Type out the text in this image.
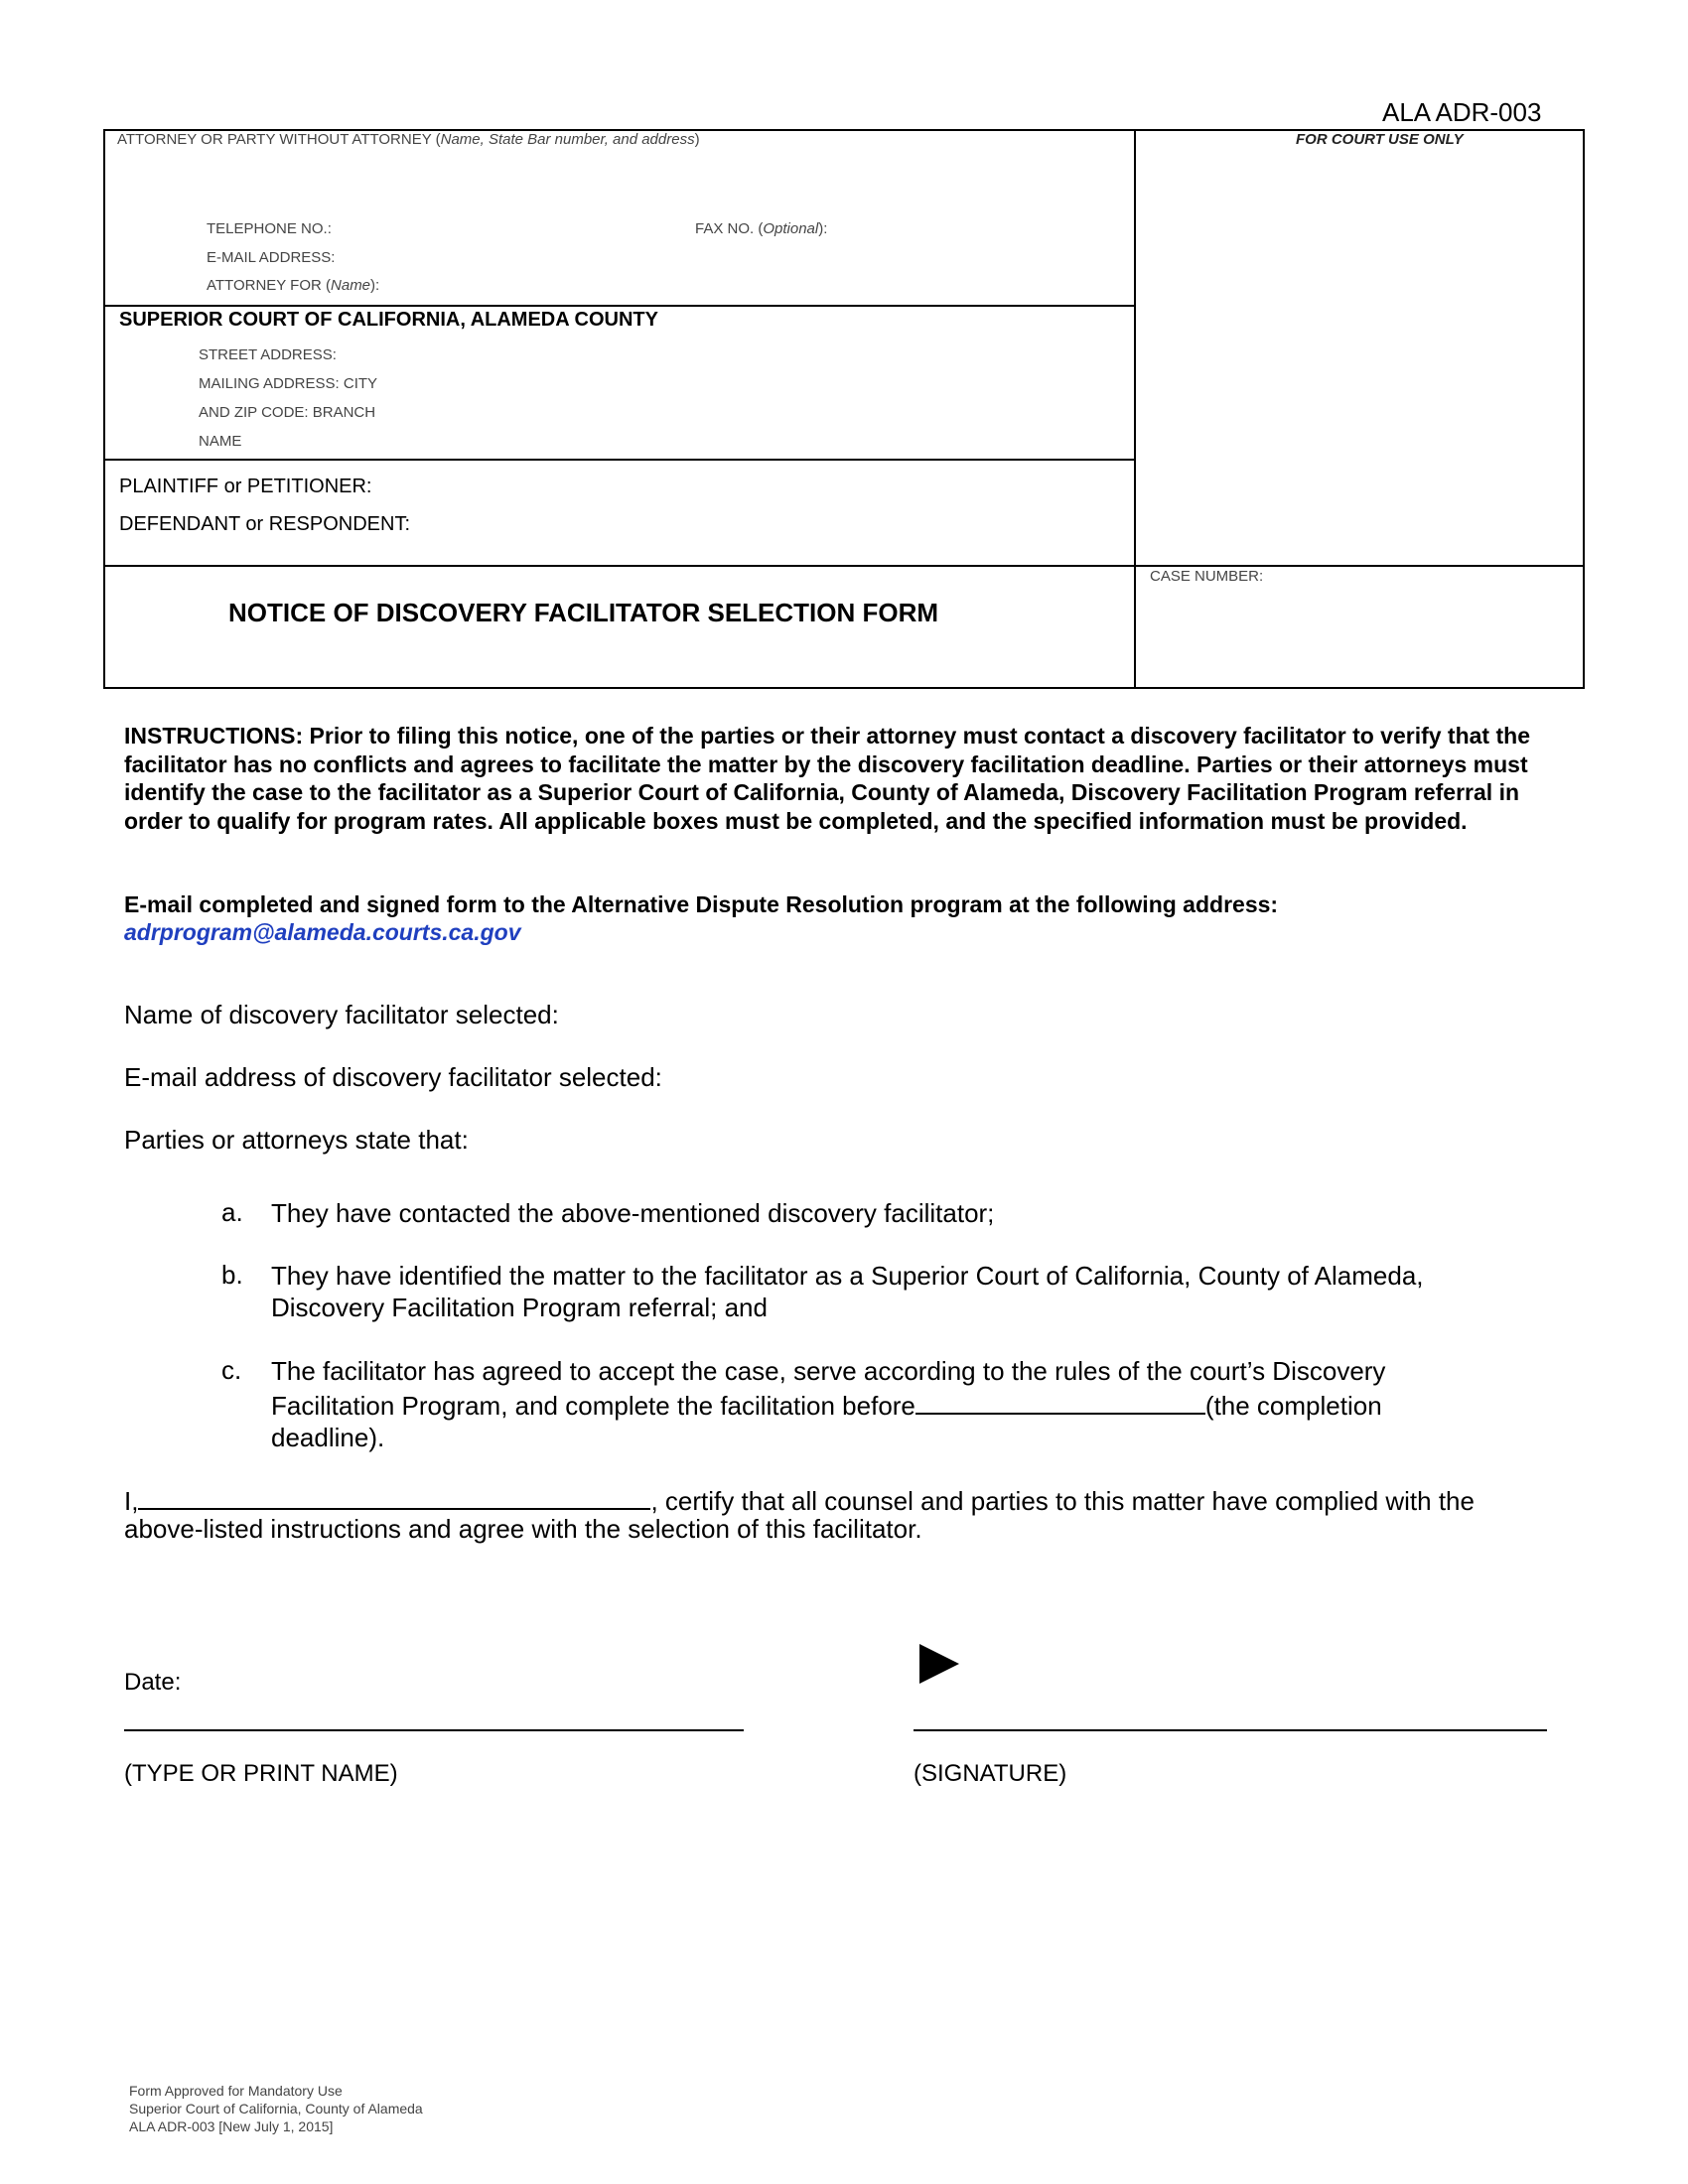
ALA ADR-003
ATTORNEY OR PARTY WITHOUT ATTORNEY (Name, State Bar number, and address)
TELEPHONE NO.:	FAX NO. (Optional):
E-MAIL ADDRESS:
ATTORNEY FOR (Name):
FOR COURT USE ONLY
SUPERIOR COURT OF CALIFORNIA, ALAMEDA COUNTY
STREET ADDRESS:
MAILING ADDRESS: CITY
AND ZIP CODE: BRANCH
NAME
PLAINTIFF or PETITIONER:
DEFENDANT or RESPONDENT:
NOTICE OF DISCOVERY FACILITATOR SELECTION FORM
CASE NUMBER:
INSTRUCTIONS: Prior to filing this notice, one of the parties or their attorney must contact a discovery facilitator to verify that the facilitator has no conflicts and agrees to facilitate the matter by the discovery facilitation deadline. Parties or their attorneys must identify the case to the facilitator as a Superior Court of California, County of Alameda, Discovery Facilitation Program referral in order to qualify for program rates. All applicable boxes must be completed, and the specified information must be provided.
E-mail completed and signed form to the Alternative Dispute Resolution program at the following address:
adrprogram@alameda.courts.ca.gov
Name of discovery facilitator selected:
E-mail address of discovery facilitator selected:
Parties or attorneys state that:
a. They have contacted the above-mentioned discovery facilitator;
b. They have identified the matter to the facilitator as a Superior Court of California, County of Alameda, Discovery Facilitation Program referral; and
c. The facilitator has agreed to accept the case, serve according to the rules of the court’s Discovery Facilitation Program, and complete the facilitation before	(the completion deadline).
I,	, certify that all counsel and parties to this matter have complied with the
above-listed instructions and agree with the selection of this facilitator.
Date:
(TYPE OR PRINT NAME)	(SIGNATURE)
Form Approved for Mandatory Use
Superior Court of California, County of Alameda
ALA ADR-003 [New July 1, 2015]
